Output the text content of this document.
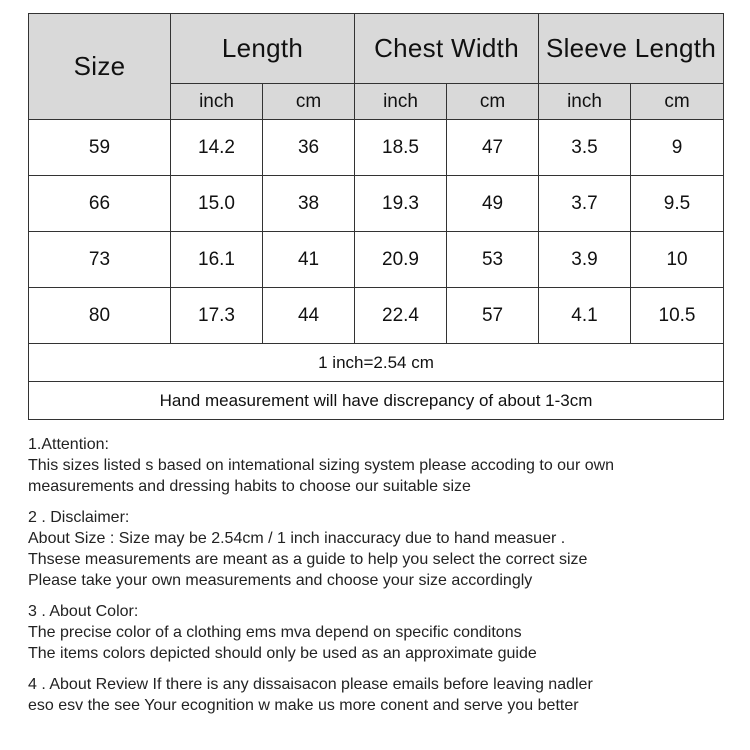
Size	Length		Chest Width		Sleeve Length	
	inch	cm	inch	cm	inch	cm
59	14.2	36	18.5	47	3.5	9
66	15.0	38	19.3	49	3.7	9.5
73	16.1	41	20.9	53	3.9	10
80	17.3	44	22.4	57	4.1	10.5
1 inch=2.54 cm						
Hand measurement will have discrepancy of about 1-3cm						

1.Attention:

This sizes listed s based on intemational sizing system please accoding to our own

measurements and dressing habits to choose our suitable size

2 . Disclaimer:

About Size : Size may be 2.54cm / 1 inch inaccuracy due to hand measuer .

Thsese measurements are meant as a guide to help you select the correct size

Please take your own measurements and choose your size accordingly

3 . About Color:

The precise color of a clothing ems mva depend on specific conditons

The items colors depicted should only be used as an approximate guide

4 . About Review If there is any dissaisacon please emails before leaving nadler

eso esv the see Your ecognition w make us more conent and serve you better
